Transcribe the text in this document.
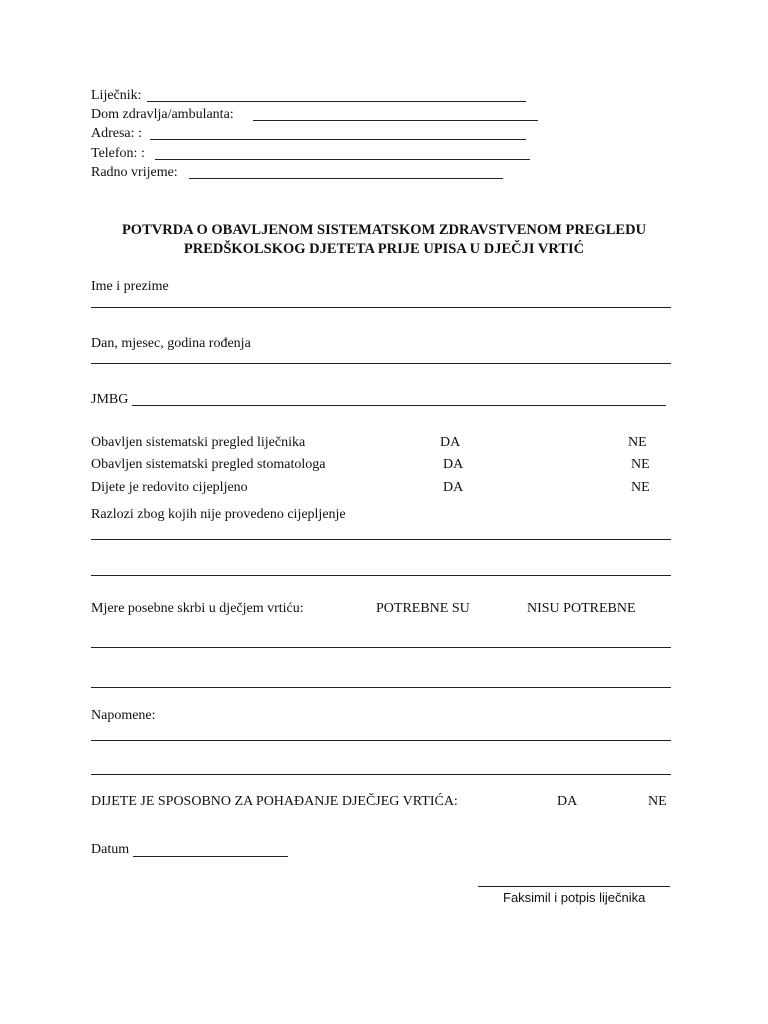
Liječnik:
Dom zdravlja/ambulanta:
Adresa: :
Telefon: :
Radno vrijeme:
POTVRDA O OBAVLJENOM SISTEMATSKOM ZDRAVSTVENOM PREGLEDU
PREDŠKOLSKOG DJETETA PRIJE UPISA U DJEČJI VRTIĆ
Ime i prezime
Dan, mjesec, godina rođenja
JMBG
Obavljen sistematski pregled liječnika	DA	NE
Obavljen sistematski pregled stomatologa	DA	NE
Dijete je redovito cijepljeno	DA	NE
Razlozi zbog kojih nije provedeno cijepljenje
Mjere posebne skrbi u dječjem vrtiću:	POTREBNE SU	NISU POTREBNE
Napomene:
DIJETE JE SPOSOBNO ZA POHAĐANJE DJEČJEG VRTIĆA:	DA	NE
Datum
Faksimil i potpis liječnika
